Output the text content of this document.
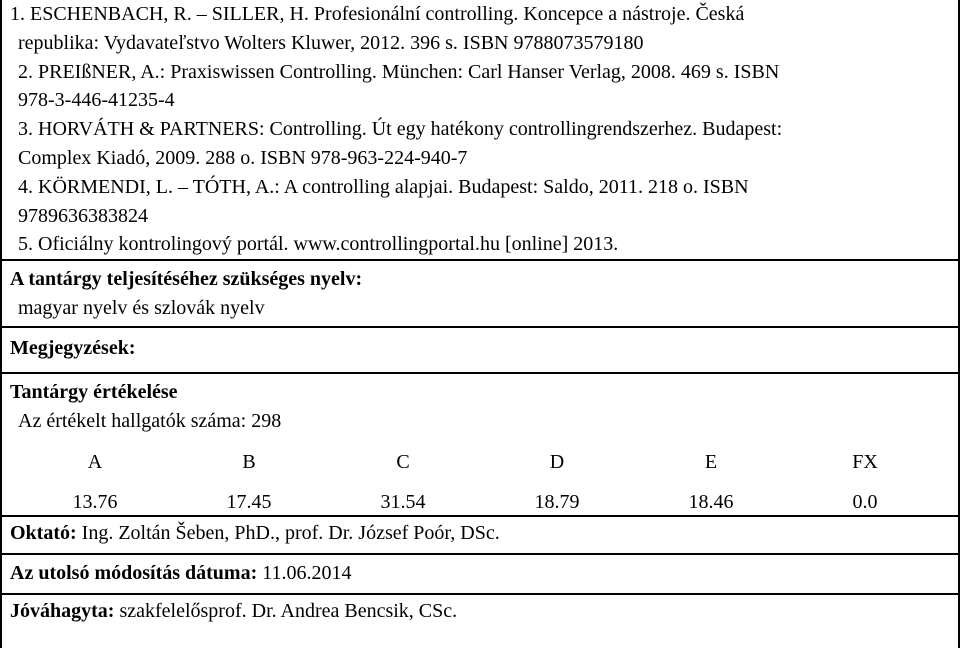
1. ESCHENBACH, R. – SILLER, H. Profesionální controlling. Koncepce a nástroje. Česká
republika: Vydavateľstvo Wolters Kluwer, 2012. 396 s. ISBN 9788073579180
2. PREIßNER, A.: Praxiswissen Controlling. München: Carl Hanser Verlag, 2008. 469 s. ISBN
978-3-446-41235-4
3. HORVÁTH & PARTNERS: Controlling. Út egy hatékony controllingrendszerhez. Budapest:
Complex Kiadó, 2009. 288 o. ISBN 978-963-224-940-7
4. KÖRMENDI, L. – TÓTH, A.: A controlling alapjai. Budapest: Saldo, 2011. 218 o. ISBN
9789636383824
5. Oficiálny kontrolingový portál. www.controllingportal.hu [online] 2013.
A tantárgy teljesítéséhez szükséges nyelv:
magyar nyelv és szlovák nyelv
Megjegyzések:
Tantárgy értékelése
Az értékelt hallgatók száma: 298
A	B	C	D	E	FX
13.76	17.45	31.54	18.79	18.46	0.0
Oktató: Ing. Zoltán Šeben, PhD., prof. Dr. József Poór, DSc.
Az utolsó módosítás dátuma: 11.06.2014
Jóváhagyta: szakfelelősprof. Dr. Andrea Bencsik, CSc.
